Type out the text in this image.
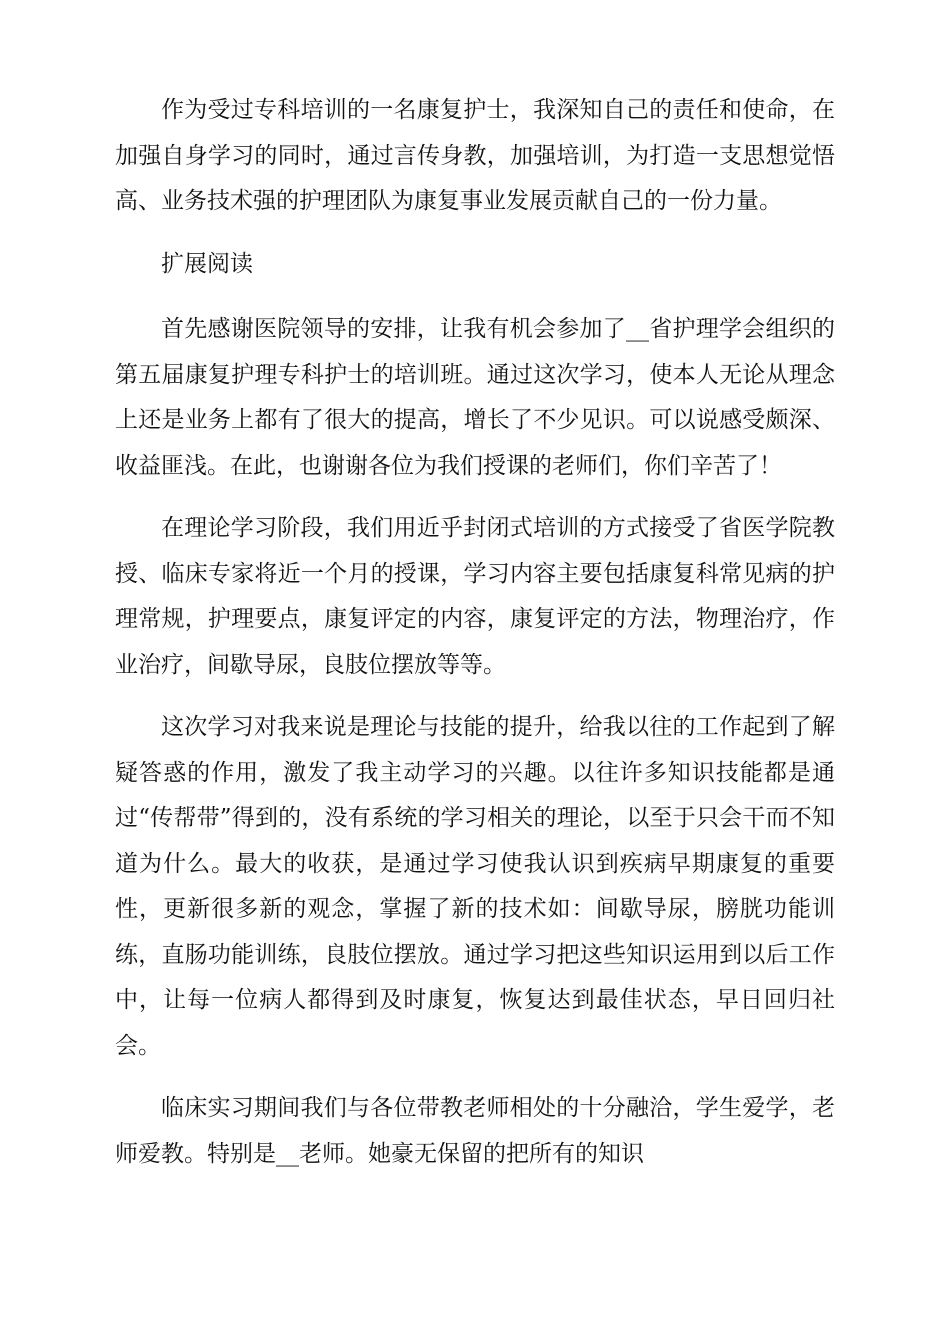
作为受过专科培训的一名康复护士，我深知自己的责任和使命，在加强自身学习的同时，通过言传身教，加强培训，为打造一支思想觉悟高、业务技术强的护理团队为康复事业发展贡献自己的一份力量。

扩展阅读

首先感谢医院领导的安排，让我有机会参加了__省护理学会组织的第五届康复护理专科护士的培训班。通过这次学习，使本人无论从理念上还是业务上都有了很大的提高，增长了不少见识。可以说感受颇深、收益匪浅。在此，也谢谢各位为我们授课的老师们，你们辛苦了！

在理论学习阶段，我们用近乎封闭式培训的方式接受了省医学院教授、临床专家将近一个月的授课，学习内容主要包括康复科常见病的护理常规，护理要点，康复评定的内容，康复评定的方法，物理治疗，作业治疗，间歇导尿，良肢位摆放等等。

这次学习对我来说是理论与技能的提升，给我以往的工作起到了解疑答惑的作用，激发了我主动学习的兴趣。以往许多知识技能都是通过“传帮带”得到的，没有系统的学习相关的理论，以至于只会干而不知道为什么。最大的收获，是通过学习使我认识到疾病早期康复的重要性，更新很多新的观念，掌握了新的技术如：间歇导尿，膀胱功能训练，直肠功能训练，良肢位摆放。通过学习把这些知识运用到以后工作中，让每一位病人都得到及时康复，恢复达到最佳状态，早日回归社会。

临床实习期间我们与各位带教老师相处的十分融洽，学生爱学，老师爱教。特别是__老师。她豪无保留的把所有的知识
